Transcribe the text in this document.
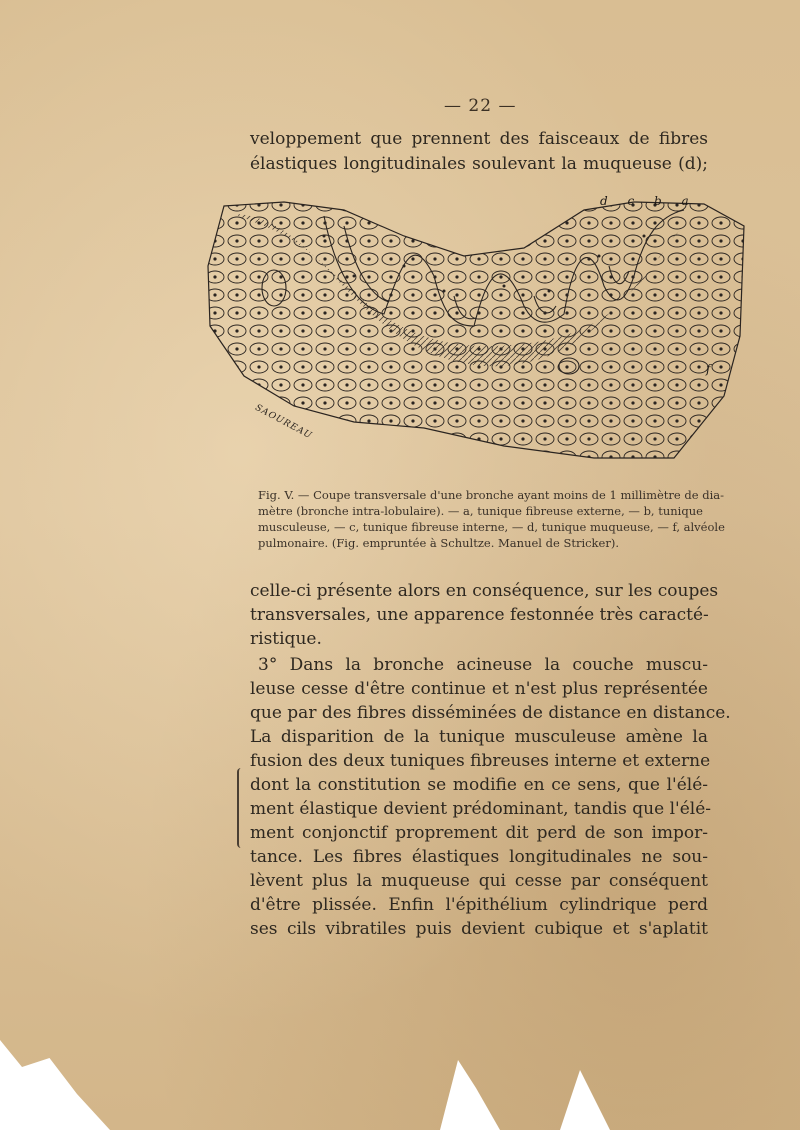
— 22 —
veloppement que prennent des faisceaux de fibres
élastiques longitudinales soulevant la muqueuse (d);
d c b a
f
SAOUREAU
Fig. V. — Coupe transversale d'une bronche ayant moins de 1 millimètre de dia-
mètre (bronche intra-lobulaire). — a, tunique fibreuse externe, — b, tunique
musculeuse, — c, tunique fibreuse interne, — d, tunique muqueuse, — f, alvéole
pulmonaire. (Fig. empruntée à Schultze. Manuel de Stricker).
celle-ci présente alors en conséquence, sur les coupes
transversales, une apparence festonnée très caracté-
ristique.
3° Dans la bronche acineuse la couche muscu-
leuse cesse d'être continue et n'est plus représentée
que par des fibres disséminées de distance en distance.
La disparition de la tunique musculeuse amène la
fusion des deux tuniques fibreuses interne et externe
dont la constitution se modifie en ce sens, que l'élé-
ment élastique devient prédominant, tandis que l'élé-
ment conjonctif proprement dit perd de son impor-
tance. Les fibres élastiques longitudinales ne sou-
lèvent plus la muqueuse qui cesse par conséquent
d'être plissée. Enfin l'épithélium cylindrique perd
ses cils vibratiles puis devient cubique et s'aplatit
